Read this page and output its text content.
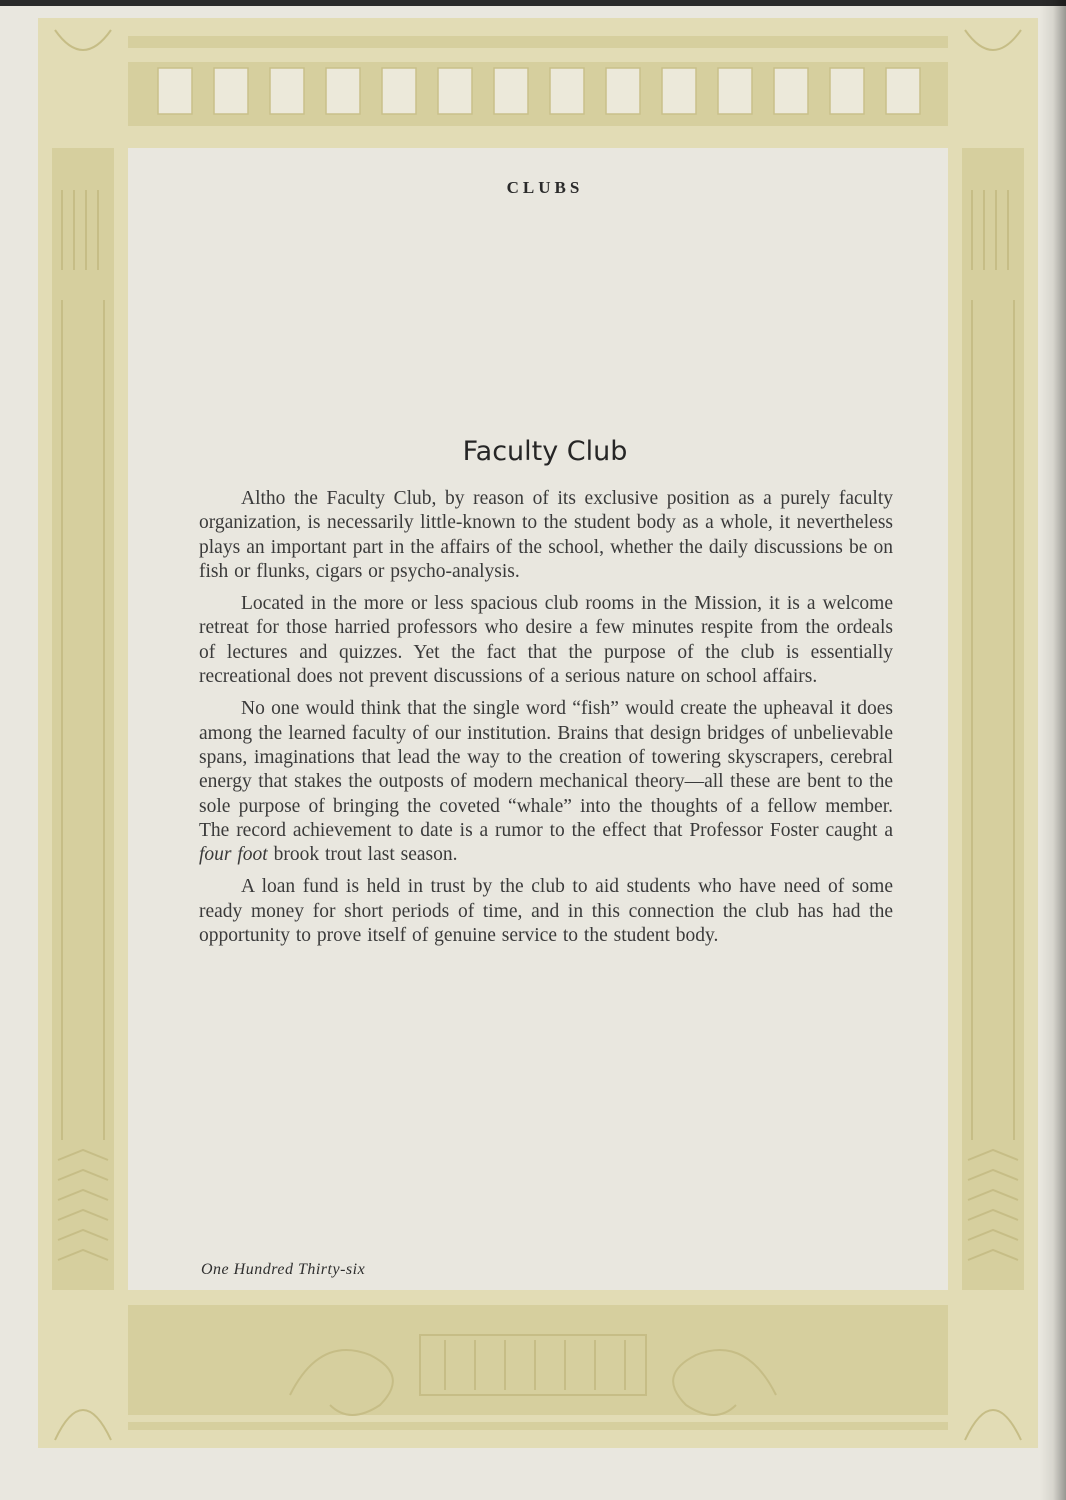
CLUBS
Faculty Club

Altho the Faculty Club, by reason of its exclusive position as a purely faculty organization, is necessarily little-known to the student body as a whole, it nevertheless plays an important part in the affairs of the school, whether the daily discussions be on fish or flunks, cigars or psycho-analysis.

Located in the more or less spacious club rooms in the Mission, it is a welcome retreat for those harried professors who desire a few minutes respite from the ordeals of lectures and quizzes. Yet the fact that the purpose of the club is essentially recreational does not prevent discussions of a serious nature on school affairs.

No one would think that the single word “fish” would create the upheaval it does among the learned faculty of our institution. Brains that design bridges of unbelievable spans, imaginations that lead the way to the creation of towering skyscrapers, cerebral energy that stakes the outposts of modern mechanical theory—all these are bent to the sole purpose of bringing the coveted “whale” into the thoughts of a fellow member. The record achievement to date is a rumor to the effect that Professor Foster caught a four foot brook trout last season.

A loan fund is held in trust by the club to aid students who have need of some ready money for short periods of time, and in this connection the club has had the opportunity to prove itself of genuine service to the student body.

One Hundred Thirty-six
